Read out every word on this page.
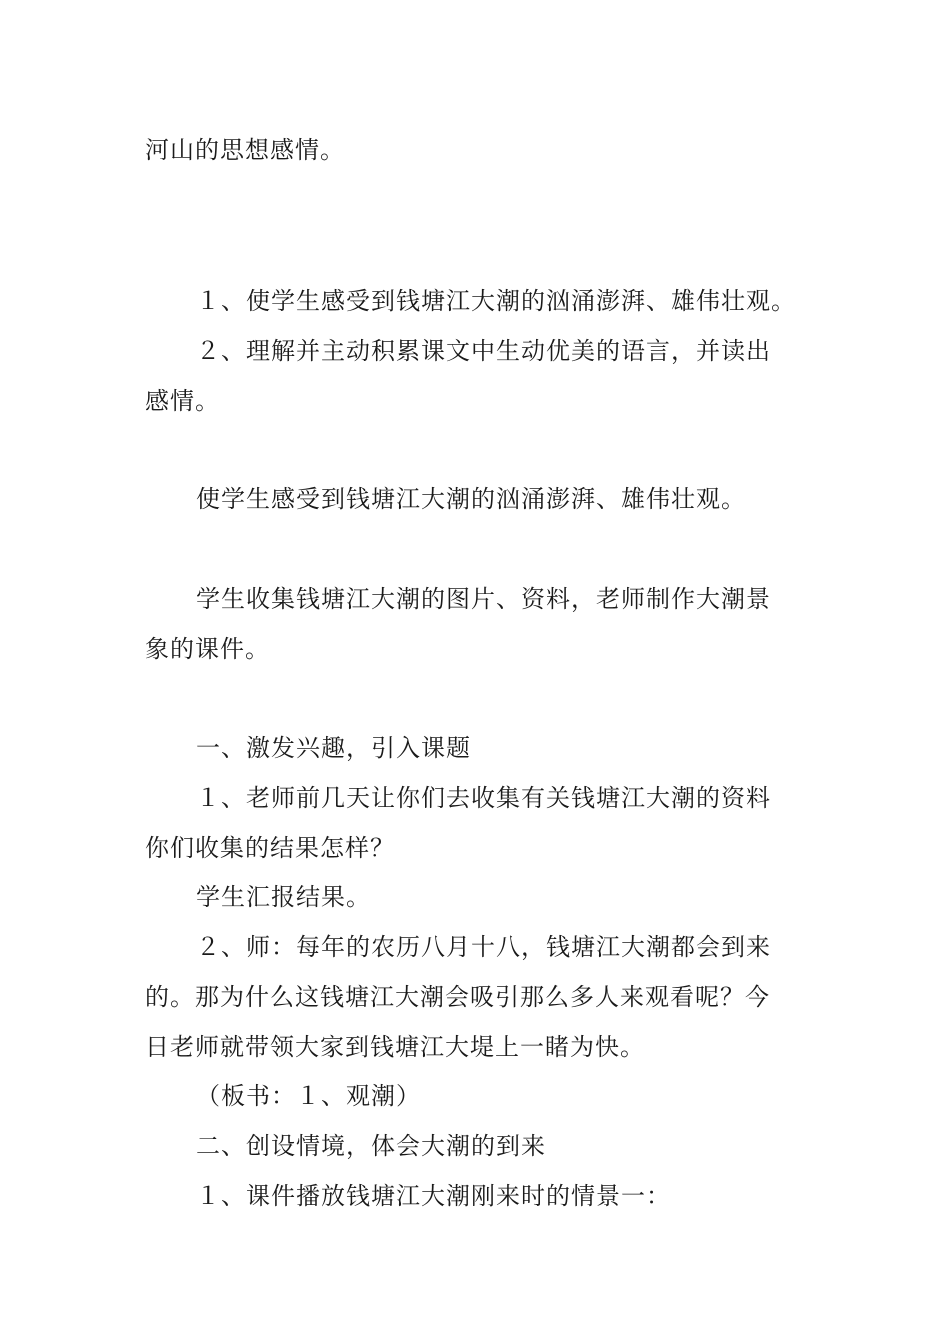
河山的思想感情。
１、使学生感受到钱塘江大潮的汹涌澎湃、雄伟壮观。
２、理解并主动积累课文中生动优美的语言，并读出
感情。
使学生感受到钱塘江大潮的汹涌澎湃、雄伟壮观。
学生收集钱塘江大潮的图片、资料，老师制作大潮景
象的课件。
一、激发兴趣，引入课题
１、老师前几天让你们去收集有关钱塘江大潮的资料
你们收集的结果怎样？
学生汇报结果。
２、师：每年的农历八月十八，钱塘江大潮都会到来
的。那为什么这钱塘江大潮会吸引那么多人来观看呢？今
日老师就带领大家到钱塘江大堤上一睹为快。
（板书：１、观潮）
二、创设情境，体会大潮的到来
１、课件播放钱塘江大潮刚来时的情景一：
